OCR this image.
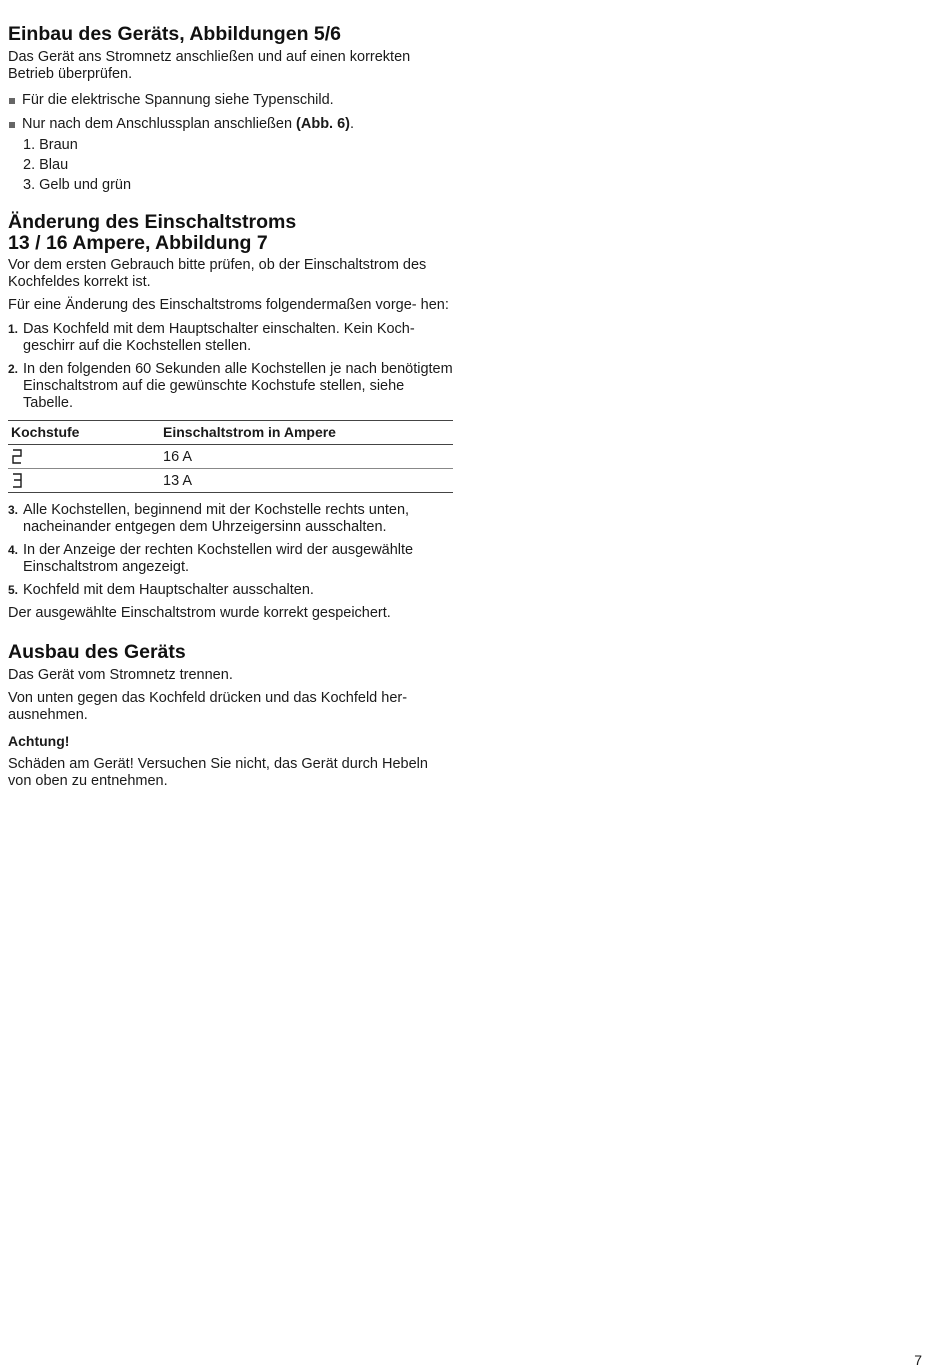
Einbau des Geräts, Abbildungen 5/6

Das Gerät ans Stromnetz anschließen und auf einen korrekten Betrieb überprüfen.

Für die elektrische Spannung siehe Typenschild.
Nur nach dem Anschlussplan anschließen (Abb. 6).
1. Braun
2. Blau
3. Gelb und grün
Änderung des Einschaltstroms
13 / 16 Ampere, Abbildung 7

Vor dem ersten Gebrauch bitte prüfen, ob der Einschaltstrom des Kochfeldes korrekt ist.

Für eine Änderung des Einschaltstroms folgendermaßen vorge- hen:

1. Das Kochfeld mit dem Hauptschalter einschalten. Kein Koch- geschirr auf die Kochstellen stellen.
2. In den folgenden 60 Sekunden alle Kochstellen je nach benötigtem Einschaltstrom auf die gewünschte Kochstufe stellen, siehe Tabelle.
Kochstufe	Einschaltstrom in Ampere
	16 A
	13 A
3. Alle Kochstellen, beginnend mit der Kochstelle rechts unten, nacheinander entgegen dem Uhrzeigersinn ausschalten.
4. In der Anzeige der rechten Kochstellen wird der ausgewählte Einschaltstrom angezeigt.
5. Kochfeld mit dem Hauptschalter ausschalten.

Der ausgewählte Einschaltstrom wurde korrekt gespeichert.

Ausbau des Geräts

Das Gerät vom Stromnetz trennen.

Von unten gegen das Kochfeld drücken und das Kochfeld her- ausnehmen.

Achtung!

Schäden am Gerät! Versuchen Sie nicht, das Gerät durch Hebeln von oben zu entnehmen.

7
